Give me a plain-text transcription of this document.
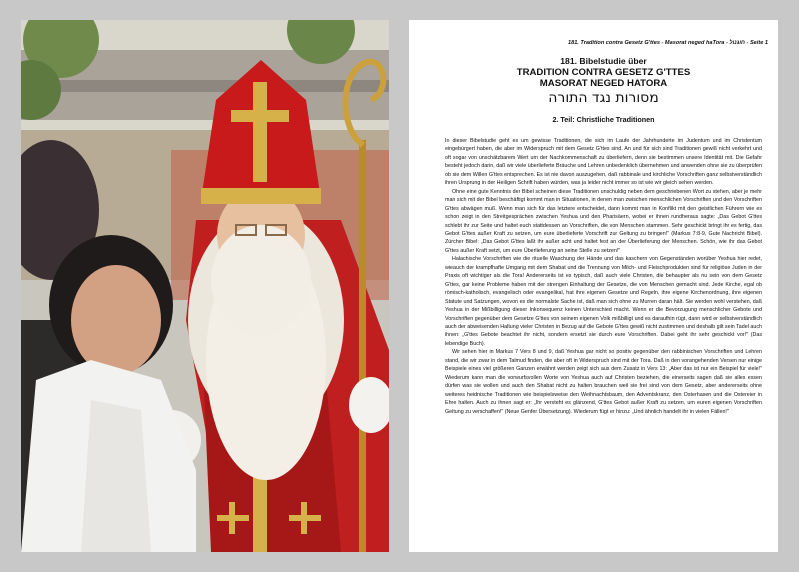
181. Tradition contra Gesetz G'ttes - Masorat neged haTora - חוגנול - Seite 1
181. Bibelstudie über
TRADITION CONTRA GESETZ G'TTES
MASORAT NEGED HATORA
מסורות נגד התורה
2. Teil: Christliche Traditionen

In dieser Bibelstudie geht es um gewisse Traditionen, die sich im Laufe der Jahrhunderte im Judentum und im Christentum eingebürgert haben, die aber im Widerspruch mit dem Gesetz G'ttes sind. An und für sich sind Traditionen gewiß nicht verkehrt und oft sogar von unschätzbarem Wert um der Nachkommenschaft zu überliefern, denn sie bestimmen unsere Identität mit. Die Gefahr besteht jedoch darin, daß wir viele überlieferte Bräuche und Lehren unbedenklich übernehmen und anwenden ohne sie zu überprüfen ob sie dem Willen G'ttes entsprechen. Es ist nie davon auszugehen, daß rabbinale und kirchliche Vorschriften ganz selbstverständlich ihren Ursprung in der Heiligen Schrift haben würden, was ja leider nicht immer so ist wie wir gleich sehen werden.

Ohne eine gute Kenntnis der Bibel scheinen diese Traditionen unschuldig neben dem geschriebenen Wort zu stehen, aber je mehr man sich mit der Bibel beschäftigt kommt man in Situationen, in denen man zwischen menschlichen Vorschriften und den Vorschriften G'ttes abwägen muß. Wenn man sich für das letztere entscheidet, dann kommt man in Konflikt mit den geistlichen Führern wie es schon zeigt in den Streitgesprächen zwischen Yeshua und den Pharisäern, wobei er ihnen rundheraus sagte: „Das Gebot G'ttes schlebt ihr zur Seite und haltet euch stattdessen an Vorschriften, die von Menschen stammen. Sehr geschickt bringt ihr es fertig, das Gebot G'ttes außer Kraft zu setzen, um eure überlieferte Vorschrift zur Geltung zu bringen!" (Markus 7:8-9, Gute Nachricht Bibel). Zürcher Bibel: „Das Gebot G'ttes laßt ihr außer acht und haltet fest an der Überlieferung der Menschen. Schön, wie ihr das Gebot G'ttes außer Kraft setzt, um eure Überlieferung an seine Stelle zu setzen!"

Halachische Vorschriften wie die rituelle Waschung der Hände und das kaschern von Gegenständen worüber Yeshua hier redet, wieauch der krampfhafte Umgang mit dem Shabat und die Trennung von Milch- und Fleischprodukten sind für religiöse Juden in der Praxis oft wichtiger als die Tora! Andererseits ist es typisch, daß auch viele Christen, die behaupter als nu sein von dem Gesetz G'ttes, gar keine Probleme haben mit der strengen Einhaltung der Gesetze, die von Menschen gemacht sind. Jede Kirche, egal ob römisch-katholisch, evangelisch oder evangelikal, hat ihre eigenen Gesetze und Regeln, ihre eigene Kirchenordnung, ihre eigenen Statute und Satzungen, wovon es die normalste Sache ist, daß man sich ohne zu Murren daran hält. Sie werden wohl verstehen, daß Yeshua in der Mißbilligung dieser Inkonsequenz keinen Unterschied macht. Wenn er die Bevorzugung menschlicher Gebote und Vorschriften gegenüber dem Gesetze G'ttes von seinem eigenen Volk mißbilligt und es daraufhin rügt, dann wird er selbstverständlich auch der abweisenden Haltung vieler Christen in Bezug auf die Gebote G'ttes gewiß nicht zustimmen und deshalb gilt sein Tadel auch ihnen: „G'ttes Gebote beachtet ihr nicht, sondern ersetzt sie durch eure Vorschriften. Dabei geht ihr sehr geschickt vor!" (Das lebendige Buch).

Wir sehen hier in Markus 7 Vers 8 und 9, daß Yeshua gar nicht so positiv gegenüber den rabbinischen Vorschriften und Lehren stand, die wir zwar in dem Talmud finden, die aber oft in Widerspruch sind mit der Tora. Daß in den vorangehenden Versen nur einige Beispiele eines viel größeren Ganzen erwähnt werden zeigt sich aus dem Zusatz in Vers 13: „Aber das ist nur ein Beispiel für viele!" Wiederum kann man die vorwurfsvollen Worte von Yeshua auch auf Christen beziehen, die einerseits sagen daß sie alles essen dürfen was sie wollen und auch den Shabat nicht zu halten brauchen weil sie frei sind von dem Gesetz, aber andererseits ohne weiteres heidnische Traditionen wie beispielsweise den Weihnachtsbaum, den Adventskranz, den Osterhasen und die Ostereier in Ehre halten. Auch zu ihnen sagt er: „Ihr versteht es glänzend, G'ttes Gebot außer Kraft zu setzen, um euren eigenen Vorschriften Geltung zu verschaffen!" (Neue Genfer Übersetzung). Wiederum fügt er hinzu: „Und ähnlich handelt ihr in vielen Fällen!"
